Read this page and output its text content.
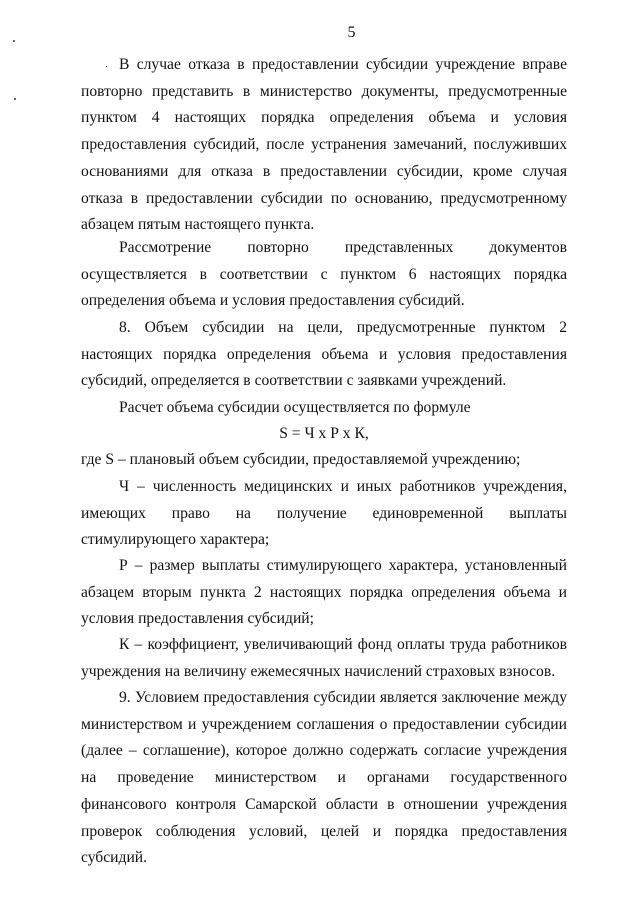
5

В случае отказа в предоставлении субсидии учреждение вправе повторно представить в министерство документы, предусмотренные пунктом 4 настоящих порядка определения объема и условия предоставления субсидий, после устранения замечаний, послуживших основаниями для отказа в предоставлении субсидии, кроме случая отказа в предоставлении субсидии по основанию, предусмотренному абзацем пятым настоящего пункта.

Рассмотрение повторно представленных документов осуществляется в соответствии с пунктом 6 настоящих порядка определения объема и условия предоставления субсидий.

8. Объем субсидии на цели, предусмотренные пунктом 2 настоящих порядка определения объема и условия предоставления субсидий, определяется в соответствии с заявками учреждений.

Расчет объема субсидии осуществляется по формуле

S = Ч х Р х К,

где S – плановый объем субсидии, предоставляемой учреждению;

Ч – численность медицинских и иных работников учреждения, имеющих право на получение единовременной выплаты стимулирующего характера;

Р – размер выплаты стимулирующего характера, установленный абзацем вторым пункта 2 настоящих порядка определения объема и условия предоставления субсидий;

К – коэффициент, увеличивающий фонд оплаты труда работников учреждения на величину ежемесячных начислений страховых взносов.

9. Условием предоставления субсидии является заключение между министерством и учреждением соглашения о предоставлении субсидии (далее – соглашение), которое должно содержать согласие учреждения на проведение министерством и органами государственного финансового контроля Самарской области в отношении учреждения проверок соблюдения условий, целей и порядка предоставления субсидий.
